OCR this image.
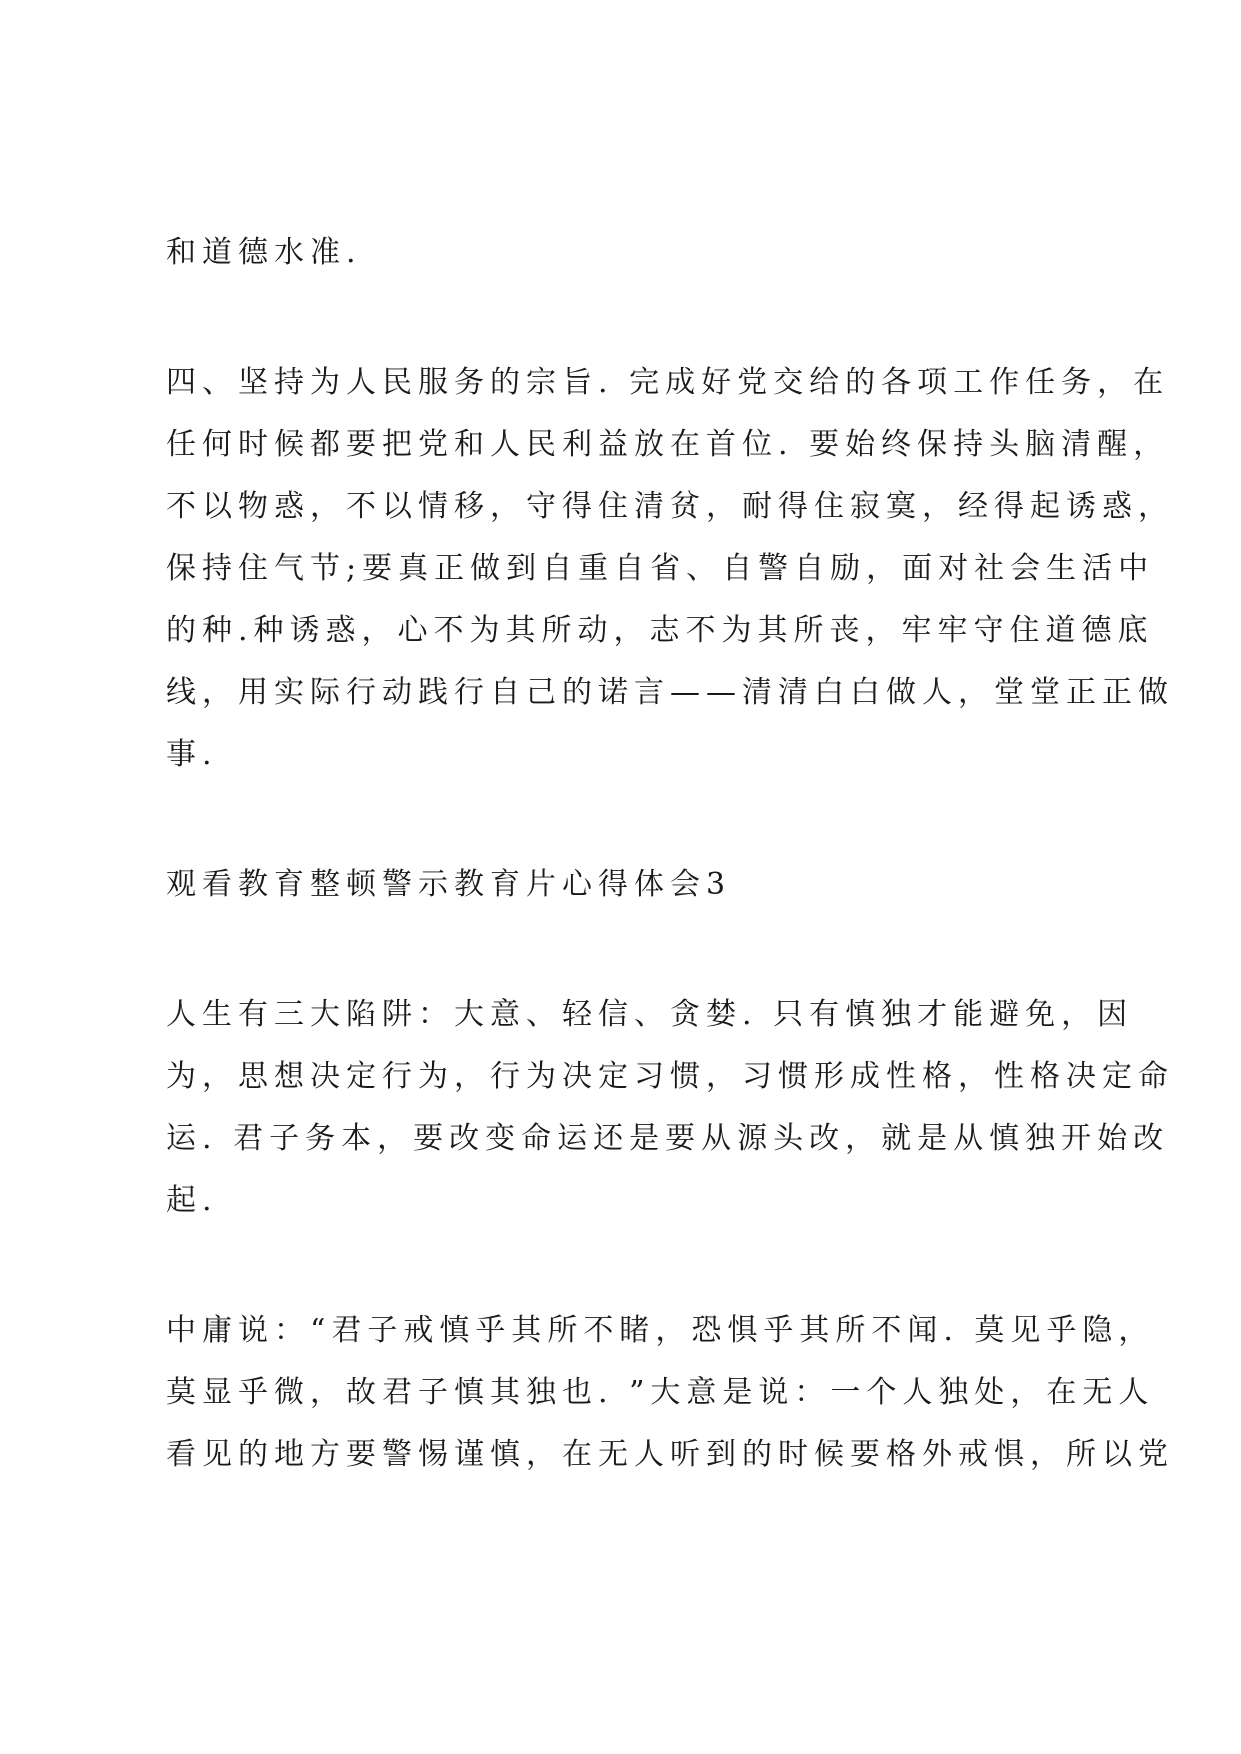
和道德水准.
四、坚持为人民服务的宗旨. 完成好党交给的各项工作任务，在
任何时候都要把党和人民利益放在首位. 要始终保持头脑清醒，
不以物惑，不以情移，守得住清贫，耐得住寂寞，经得起诱惑，
保持住气节;要真正做到自重自省、自警自励，面对社会生活中
的种.种诱惑，心不为其所动，志不为其所丧，牢牢守住道德底
线，用实际行动践行自己的诺言——清清白白做人，堂堂正正做
事.
观看教育整顿警示教育片心得体会3
人生有三大陷阱：大意、轻信、贪婪. 只有慎独才能避免，因
为，思想决定行为，行为决定习惯，习惯形成性格，性格决定命
运. 君子务本，要改变命运还是要从源头改，就是从慎独开始改
起.
中庸说：“君子戒慎乎其所不睹，恐惧乎其所不闻. 莫见乎隐，
莫显乎微，故君子慎其独也. ”大意是说：一个人独处，在无人
看见的地方要警惕谨慎，在无人听到的时候要格外戒惧，所以党
